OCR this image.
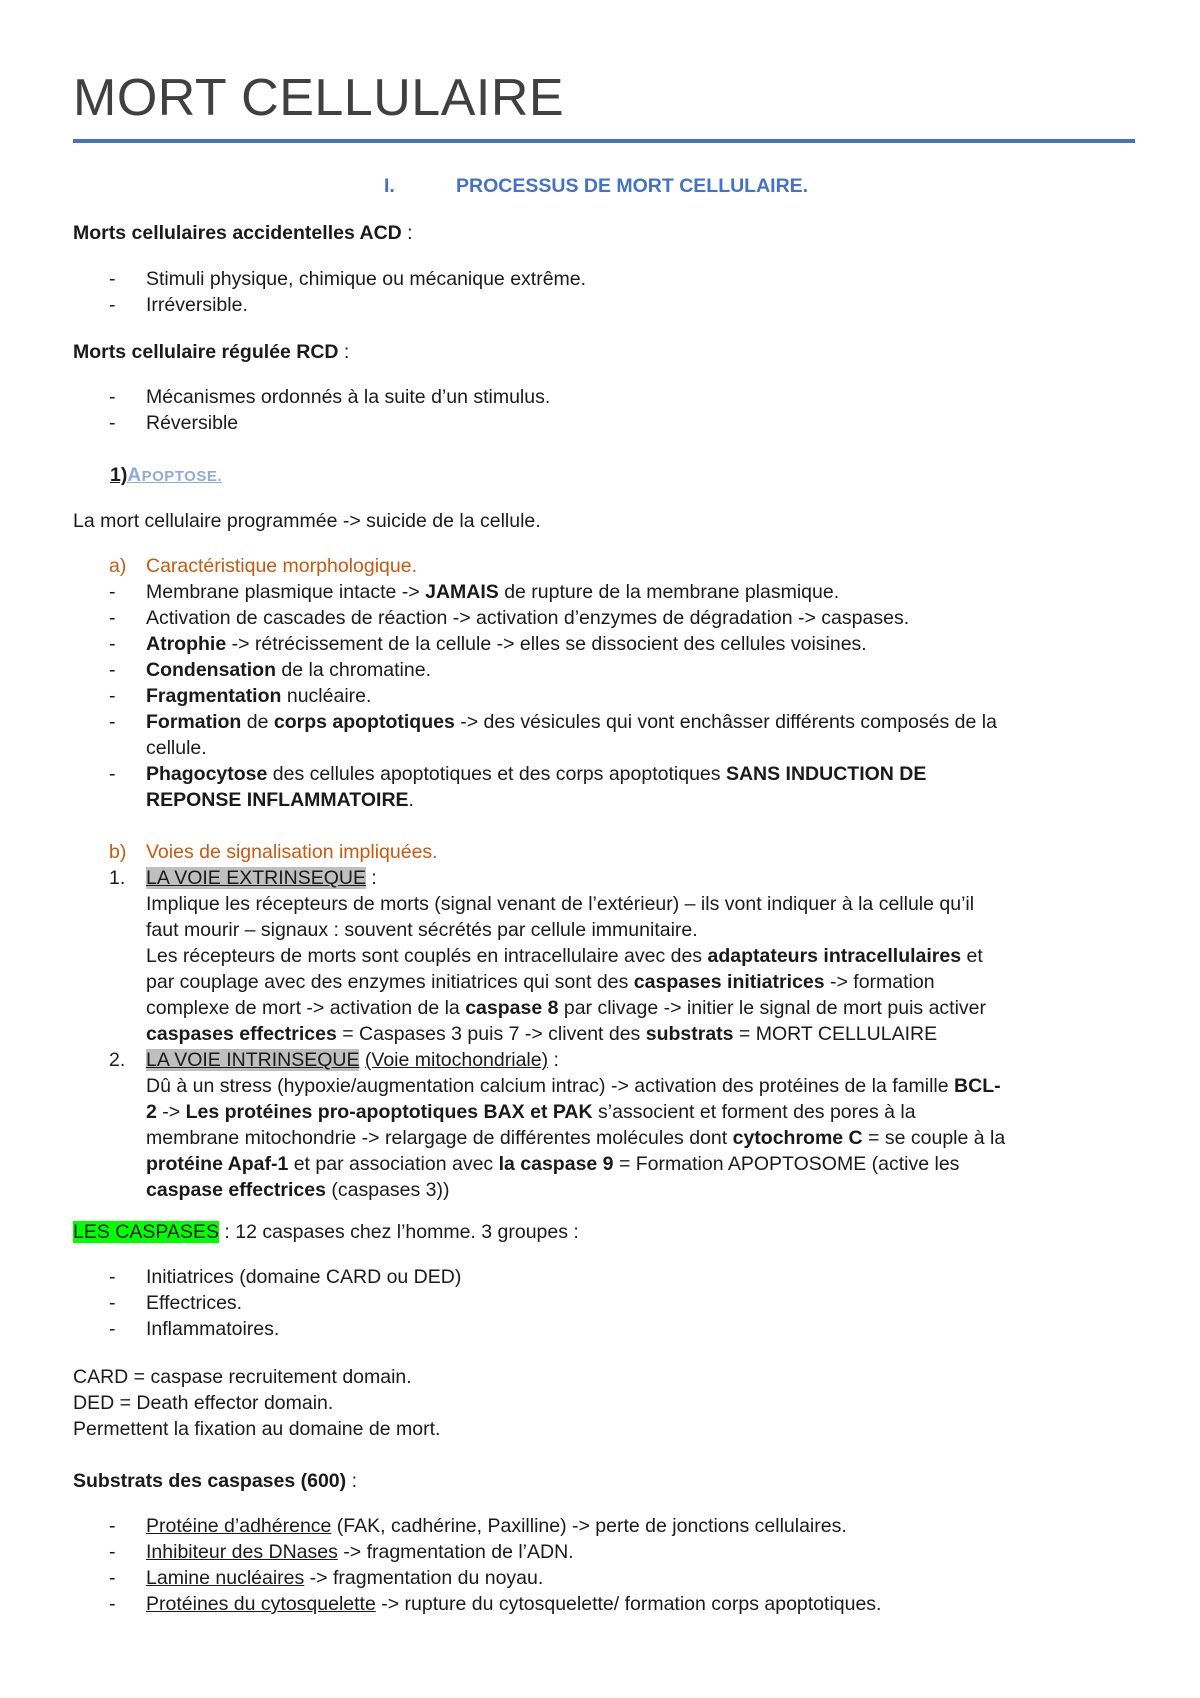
MORT CELLULAIRE
I.	PROCESSUS DE MORT CELLULAIRE.
Morts cellulaires accidentelles ACD :
- Stimuli physique, chimique ou mécanique extrême.
- Irréversible.
Morts cellulaire régulée RCD :
- Mécanismes ordonnés à la suite d’un stimulus.
- Réversible
1)APOPTOSE.
La mort cellulaire programmée -> suicide de la cellule.
a) Caractéristique morphologique.
- Membrane plasmique intacte -> JAMAIS de rupture de la membrane plasmique.
- Activation de cascades de réaction -> activation d’enzymes de dégradation -> caspases.
- Atrophie -> rétrécissement de la cellule -> elles se dissocient des cellules voisines.
- Condensation de la chromatine.
- Fragmentation nucléaire.
- Formation de corps apoptotiques -> des vésicules qui vont enchâsser différents composés de la
cellule.
- Phagocytose des cellules apoptotiques et des corps apoptotiques SANS INDUCTION DE
REPONSE INFLAMMATOIRE.
b) Voies de signalisation impliquées.
1. LA VOIE EXTRINSEQUE :
Implique les récepteurs de morts (signal venant de l’extérieur) – ils vont indiquer à la cellule qu’il
faut mourir – signaux : souvent sécrétés par cellule immunitaire.
Les récepteurs de morts sont couplés en intracellulaire avec des adaptateurs intracellulaires et
par couplage avec des enzymes initiatrices qui sont des caspases initiatrices -> formation
complexe de mort -> activation de la caspase 8 par clivage -> initier le signal de mort puis activer
caspases effectrices = Caspases 3 puis 7 -> clivent des substrats = MORT CELLULAIRE
2. LA VOIE INTRINSEQUE (Voie mitochondriale) :
Dû à un stress (hypoxie/augmentation calcium intrac) -> activation des protéines de la famille BCL-
2 -> Les protéines pro-apoptotiques BAX et PAK s’associent et forment des pores à la
membrane mitochondrie -> relargage de différentes molécules dont cytochrome C = se couple à la
protéine Apaf-1 et par association avec la caspase 9 = Formation APOPTOSOME (active les
caspase effectrices (caspases 3))
LES CASPASES : 12 caspases chez l’homme. 3 groupes :
- Initiatrices (domaine CARD ou DED)
- Effectrices.
- Inflammatoires.
CARD = caspase recruitement domain.
DED = Death effector domain.
Permettent la fixation au domaine de mort.
Substrats des caspases (600) :
- Protéine d’adhérence (FAK, cadhérine, Paxilline) -> perte de jonctions cellulaires.
- Inhibiteur des DNases -> fragmentation de l’ADN.
- Lamine nucléaires -> fragmentation du noyau.
- Protéines du cytosquelette -> rupture du cytosquelette/ formation corps apoptotiques.
